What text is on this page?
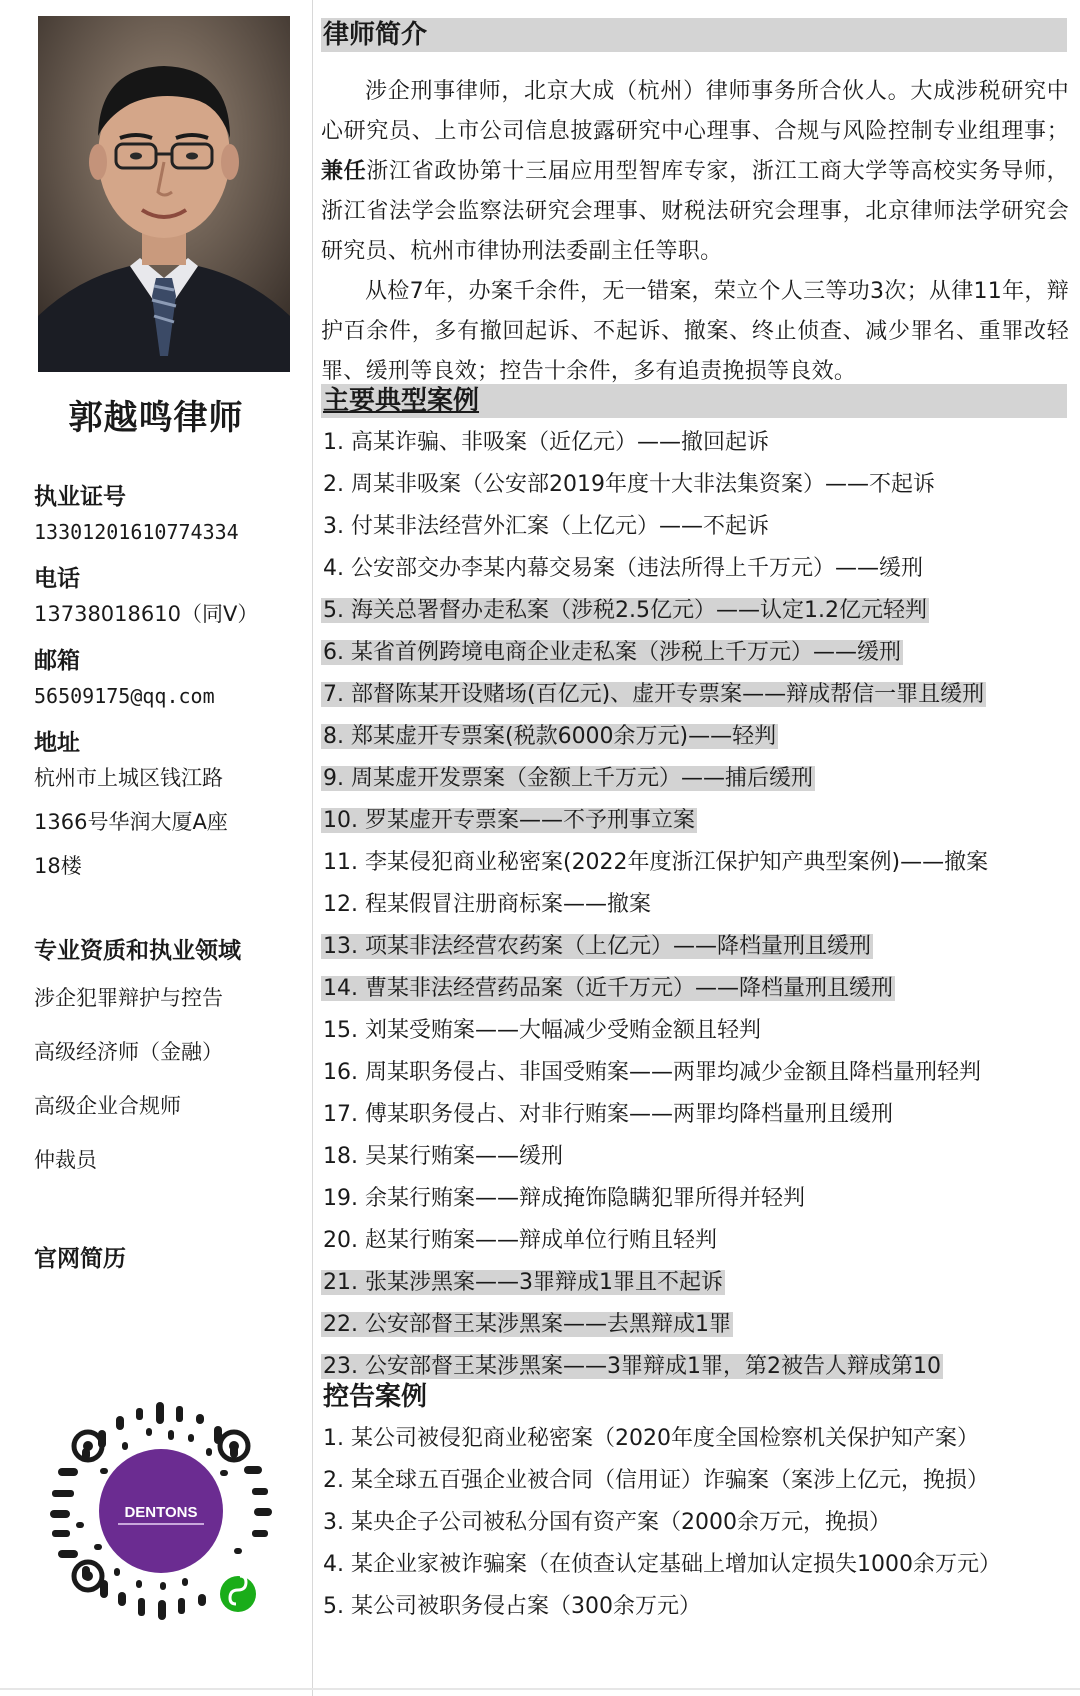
郭越鸣律师
执业证号
13301201610774334
电话
13738018610（同V）
邮箱
56509175@qq.com
地址
杭州市上城区钱江路
1366号华润大厦A座
18楼
专业资质和执业领域
涉企犯罪辩护与控告
高级经济师（金融）
高级企业合规师
仲裁员
官网简历
DENTONS
律师简介

涉企刑事律师，北京大成（杭州）律师事务所合伙人。大成涉税研究中心研究员、上市公司信息披露研究中心理事、合规与风险控制专业组理事；兼任浙江省政协第十三届应用型智库专家，浙江工商大学等高校实务导师，浙江省法学会监察法研究会理事、财税法研究会理事，北京律师法学研究会研究员、杭州市律协刑法委副主任等职。

从检7年，办案千余件，无一错案，荣立个人三等功3次；从律11年，辩护百余件，多有撤回起诉、不起诉、撤案、终止侦查、减少罪名、重罪改轻罪、缓刑等良效；控告十余件，多有追责挽损等良效。

主要典型案例
1. 高某诈骗、非吸案（近亿元）——撤回起诉
2. 周某非吸案（公安部2019年度十大非法集资案）——不起诉
3. 付某非法经营外汇案（上亿元）——不起诉
4. 公安部交办李某内幕交易案（违法所得上千万元）——缓刑
5. 海关总署督办走私案（涉税2.5亿元）——认定1.2亿元轻判
6. 某省首例跨境电商企业走私案（涉税上千万元）——缓刑
7. 部督陈某开设赌场(百亿元)、虚开专票案——辩成帮信一罪且缓刑
8. 郑某虚开专票案(税款6000余万元)——轻判
9. 周某虚开发票案（金额上千万元）——捕后缓刑
10. 罗某虚开专票案——不予刑事立案
11. 李某侵犯商业秘密案(2022年度浙江保护知产典型案例)——撤案
12. 程某假冒注册商标案——撤案
13. 项某非法经营农药案（上亿元）——降档量刑且缓刑
14. 曹某非法经营药品案（近千万元）——降档量刑且缓刑
15. 刘某受贿案——大幅减少受贿金额且轻判
16. 周某职务侵占、非国受贿案——两罪均减少金额且降档量刑轻判
17. 傅某职务侵占、对非行贿案——两罪均降档量刑且缓刑
18. 吴某行贿案——缓刑
19. 余某行贿案——辩成掩饰隐瞒犯罪所得并轻判
20. 赵某行贿案——辩成单位行贿且轻判
21. 张某涉黑案——3罪辩成1罪且不起诉
22. 公安部督王某涉黑案——去黑辩成1罪
23. 公安部督王某涉黑案——3罪辩成1罪，第2被告人辩成第10
控告案例
1. 某公司被侵犯商业秘密案（2020年度全国检察机关保护知产案）
2. 某全球五百强企业被合同（信用证）诈骗案（案涉上亿元，挽损）
3. 某央企子公司被私分国有资产案（2000余万元，挽损）
4. 某企业家被诈骗案（在侦查认定基础上增加认定损失1000余万元）
5. 某公司被职务侵占案（300余万元）
